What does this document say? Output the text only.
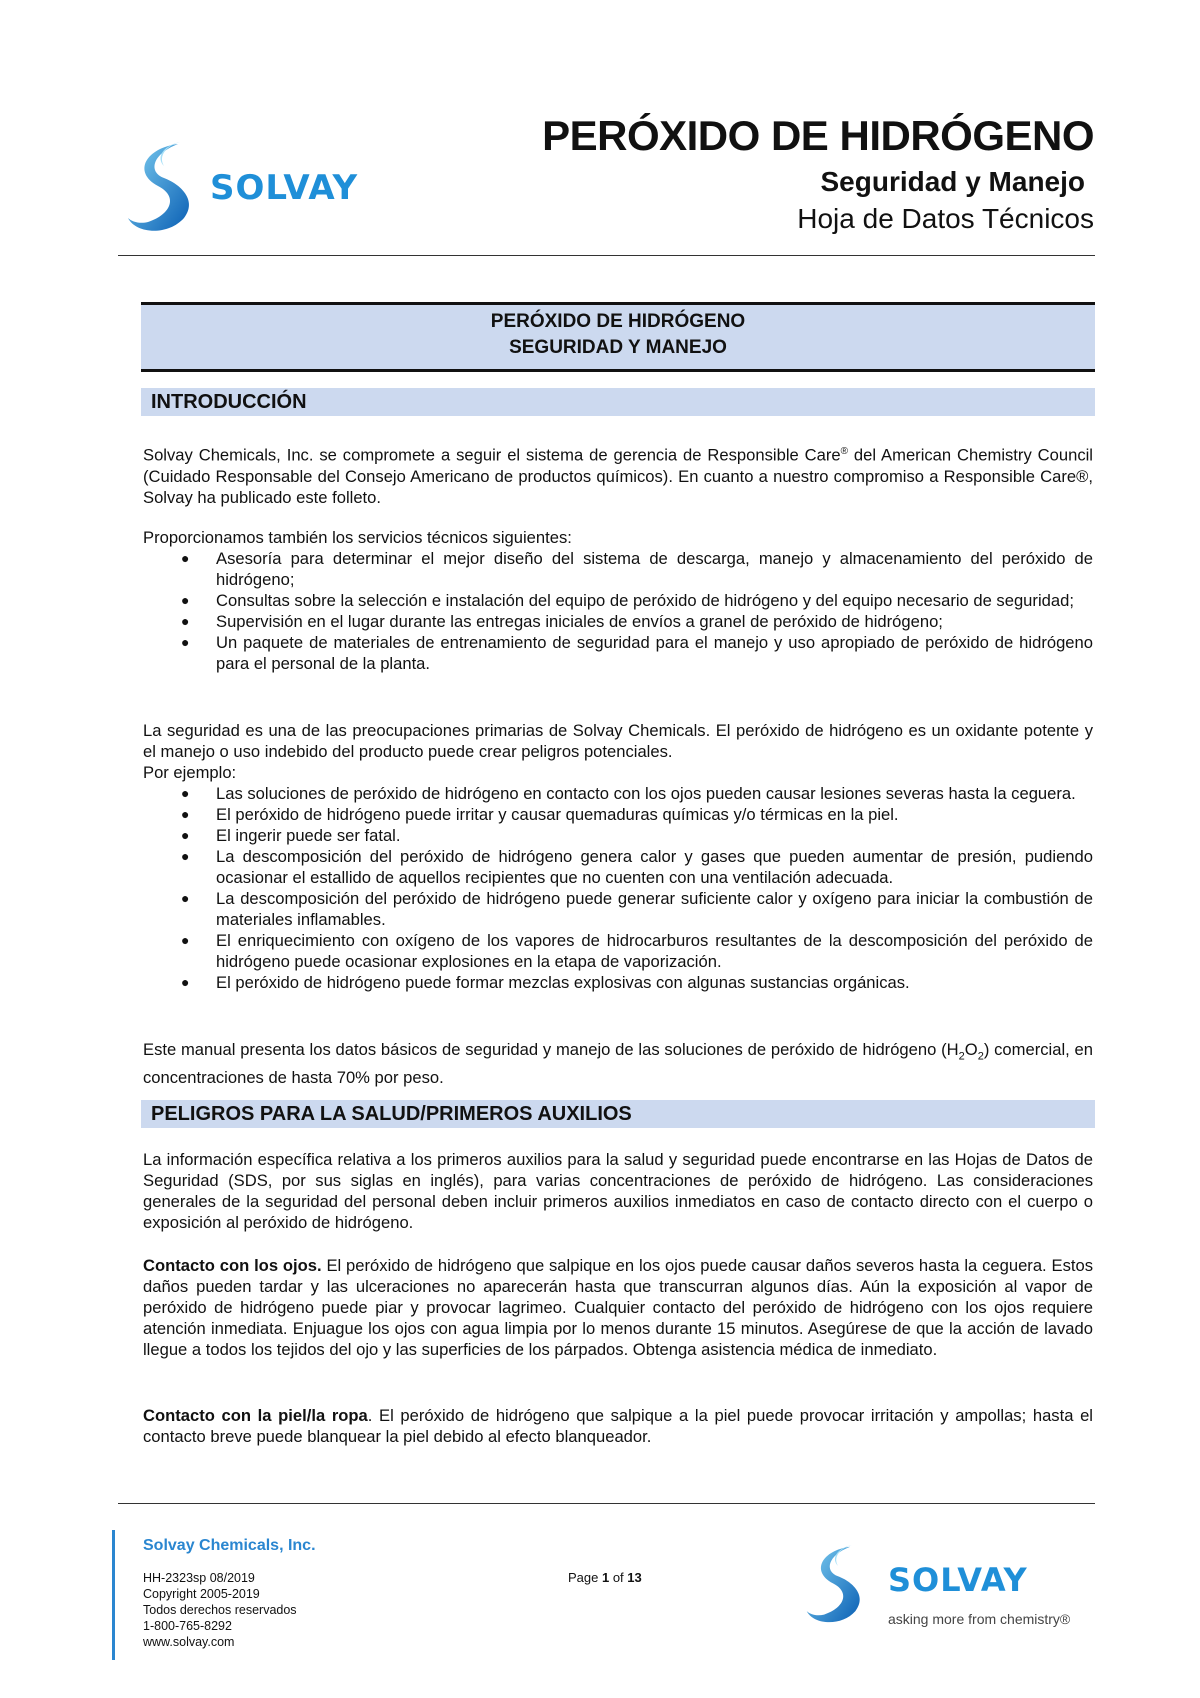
SOLVAY
PERÓXIDO DE HIDRÓGENO
Seguridad y Manejo
Hoja de Datos Técnicos
PERÓXIDO DE HIDRÓGENO
SEGURIDAD Y MANEJO
INTRODUCCIÓN

Solvay Chemicals, Inc. se compromete a seguir el sistema de gerencia de Responsible Care® del American Chemistry Council (Cuidado Responsable del Consejo Americano de productos químicos). En cuanto a nuestro compromiso a Responsible Care®, Solvay ha publicado este folleto.

Proporcionamos también los servicios técnicos siguientes:

● Asesoría para determinar el mejor diseño del sistema de descarga, manejo y almacenamiento del peróxido de hidrógeno;
● Consultas sobre la selección e instalación del equipo de peróxido de hidrógeno y del equipo necesario de seguridad;
● Supervisión en el lugar durante las entregas iniciales de envíos a granel de peróxido de hidrógeno;
● Un paquete de materiales de entrenamiento de seguridad para el manejo y uso apropiado de peróxido de hidrógeno para el personal de la planta.

La seguridad es una de las preocupaciones primarias de Solvay Chemicals. El peróxido de hidrógeno es un oxidante potente y el manejo o uso indebido del producto puede crear peligros potenciales.

Por ejemplo:

● Las soluciones de peróxido de hidrógeno en contacto con los ojos pueden causar lesiones severas hasta la ceguera.
● El peróxido de hidrógeno puede irritar y causar quemaduras químicas y/o térmicas en la piel.
● El ingerir puede ser fatal.
● La descomposición del peróxido de hidrógeno genera calor y gases que pueden aumentar de presión, pudiendo ocasionar el estallido de aquellos recipientes que no cuenten con una ventilación adecuada.
● La descomposición del peróxido de hidrógeno puede generar suficiente calor y oxígeno para iniciar la combustión de materiales inflamables.
● El enriquecimiento con oxígeno de los vapores de hidrocarburos resultantes de la descomposición del peróxido de hidrógeno puede ocasionar explosiones en la etapa de vaporización.
● El peróxido de hidrógeno puede formar mezclas explosivas con algunas sustancias orgánicas.

Este manual presenta los datos básicos de seguridad y manejo de las soluciones de peróxido de hidrógeno $(H_2O_2)$ comercial, en concentraciones de hasta 70% por peso.

PELIGROS PARA LA SALUD/PRIMEROS AUXILIOS
La información específica relativa a los primeros auxilios para la salud y seguridad puede encontrarse en las Hojas de Datos de Seguridad (SDS, por sus siglas en inglés), para varias concentraciones de peróxido de hidrógeno. Las consideraciones generales de la seguridad del personal deben incluir primeros auxilios inmediatos en caso de contacto directo con el cuerpo o exposición al peróxido de hidrógeno.

Contacto con los ojos. El peróxido de hidrógeno que salpique en los ojos puede causar daños severos hasta la ceguera. Estos daños pueden tardar y las ulceraciones no aparecerán hasta que transcurran algunos días. Aún la exposición al vapor de peróxido de hidrógeno puede piar y provocar lagrimeo. Cualquier contacto del peróxido de hidrógeno con los ojos requiere atención inmediata. Enjuague los ojos con agua limpia por lo menos durante 15 minutos. Asegúrese de que la acción de lavado llegue a todos los tejidos del ojo y las superficies de los párpados. Obtenga asistencia médica de inmediato.

Contacto con la piel/la ropa. El peróxido de hidrógeno que salpique a la piel puede provocar irritación y ampollas; hasta el contacto breve puede blanquear la piel debido al efecto blanqueador.

Solvay Chemicals, Inc.
HH-2323sp 08/2019
Copyright 2005-2019
Todos derechos reservados
1-800-765-8292
www.solvay.com
Page 1 of 13	SOLVAY
asking more from chemistry®
